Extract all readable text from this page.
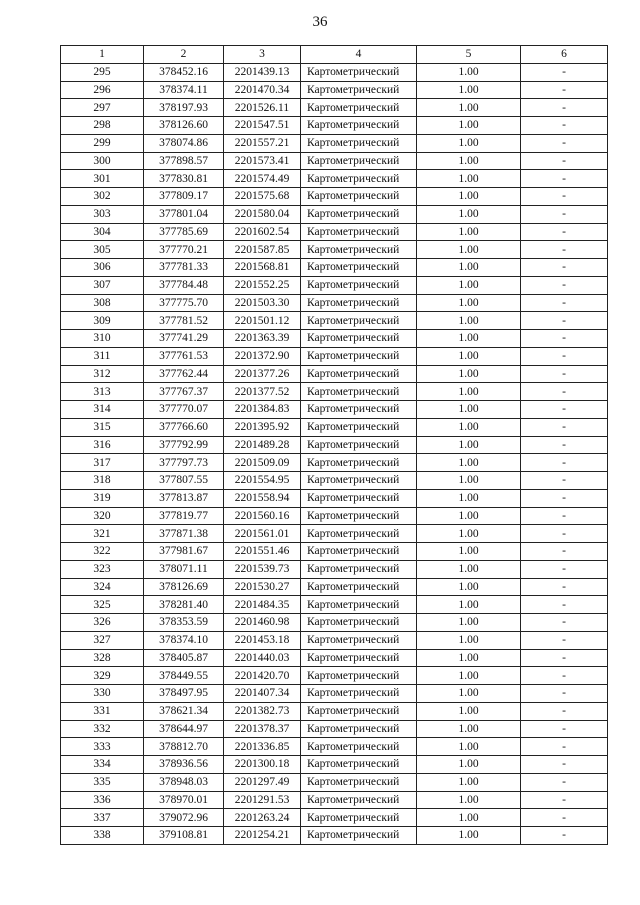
36
1	2	3	4	5	6
295	378452.16	2201439.13	Картометрический	1.00	-
296	378374.11	2201470.34	Картометрический	1.00	-
297	378197.93	2201526.11	Картометрический	1.00	-
298	378126.60	2201547.51	Картометрический	1.00	-
299	378074.86	2201557.21	Картометрический	1.00	-
300	377898.57	2201573.41	Картометрический	1.00	-
301	377830.81	2201574.49	Картометрический	1.00	-
302	377809.17	2201575.68	Картометрический	1.00	-
303	377801.04	2201580.04	Картометрический	1.00	-
304	377785.69	2201602.54	Картометрический	1.00	-
305	377770.21	2201587.85	Картометрический	1.00	-
306	377781.33	2201568.81	Картометрический	1.00	-
307	377784.48	2201552.25	Картометрический	1.00	-
308	377775.70	2201503.30	Картометрический	1.00	-
309	377781.52	2201501.12	Картометрический	1.00	-
310	377741.29	2201363.39	Картометрический	1.00	-
311	377761.53	2201372.90	Картометрический	1.00	-
312	377762.44	2201377.26	Картометрический	1.00	-
313	377767.37	2201377.52	Картометрический	1.00	-
314	377770.07	2201384.83	Картометрический	1.00	-
315	377766.60	2201395.92	Картометрический	1.00	-
316	377792.99	2201489.28	Картометрический	1.00	-
317	377797.73	2201509.09	Картометрический	1.00	-
318	377807.55	2201554.95	Картометрический	1.00	-
319	377813.87	2201558.94	Картометрический	1.00	-
320	377819.77	2201560.16	Картометрический	1.00	-
321	377871.38	2201561.01	Картометрический	1.00	-
322	377981.67	2201551.46	Картометрический	1.00	-
323	378071.11	2201539.73	Картометрический	1.00	-
324	378126.69	2201530.27	Картометрический	1.00	-
325	378281.40	2201484.35	Картометрический	1.00	-
326	378353.59	2201460.98	Картометрический	1.00	-
327	378374.10	2201453.18	Картометрический	1.00	-
328	378405.87	2201440.03	Картометрический	1.00	-
329	378449.55	2201420.70	Картометрический	1.00	-
330	378497.95	2201407.34	Картометрический	1.00	-
331	378621.34	2201382.73	Картометрический	1.00	-
332	378644.97	2201378.37	Картометрический	1.00	-
333	378812.70	2201336.85	Картометрический	1.00	-
334	378936.56	2201300.18	Картометрический	1.00	-
335	378948.03	2201297.49	Картометрический	1.00	-
336	378970.01	2201291.53	Картометрический	1.00	-
337	379072.96	2201263.24	Картометрический	1.00	-
338	379108.81	2201254.21	Картометрический	1.00	-
